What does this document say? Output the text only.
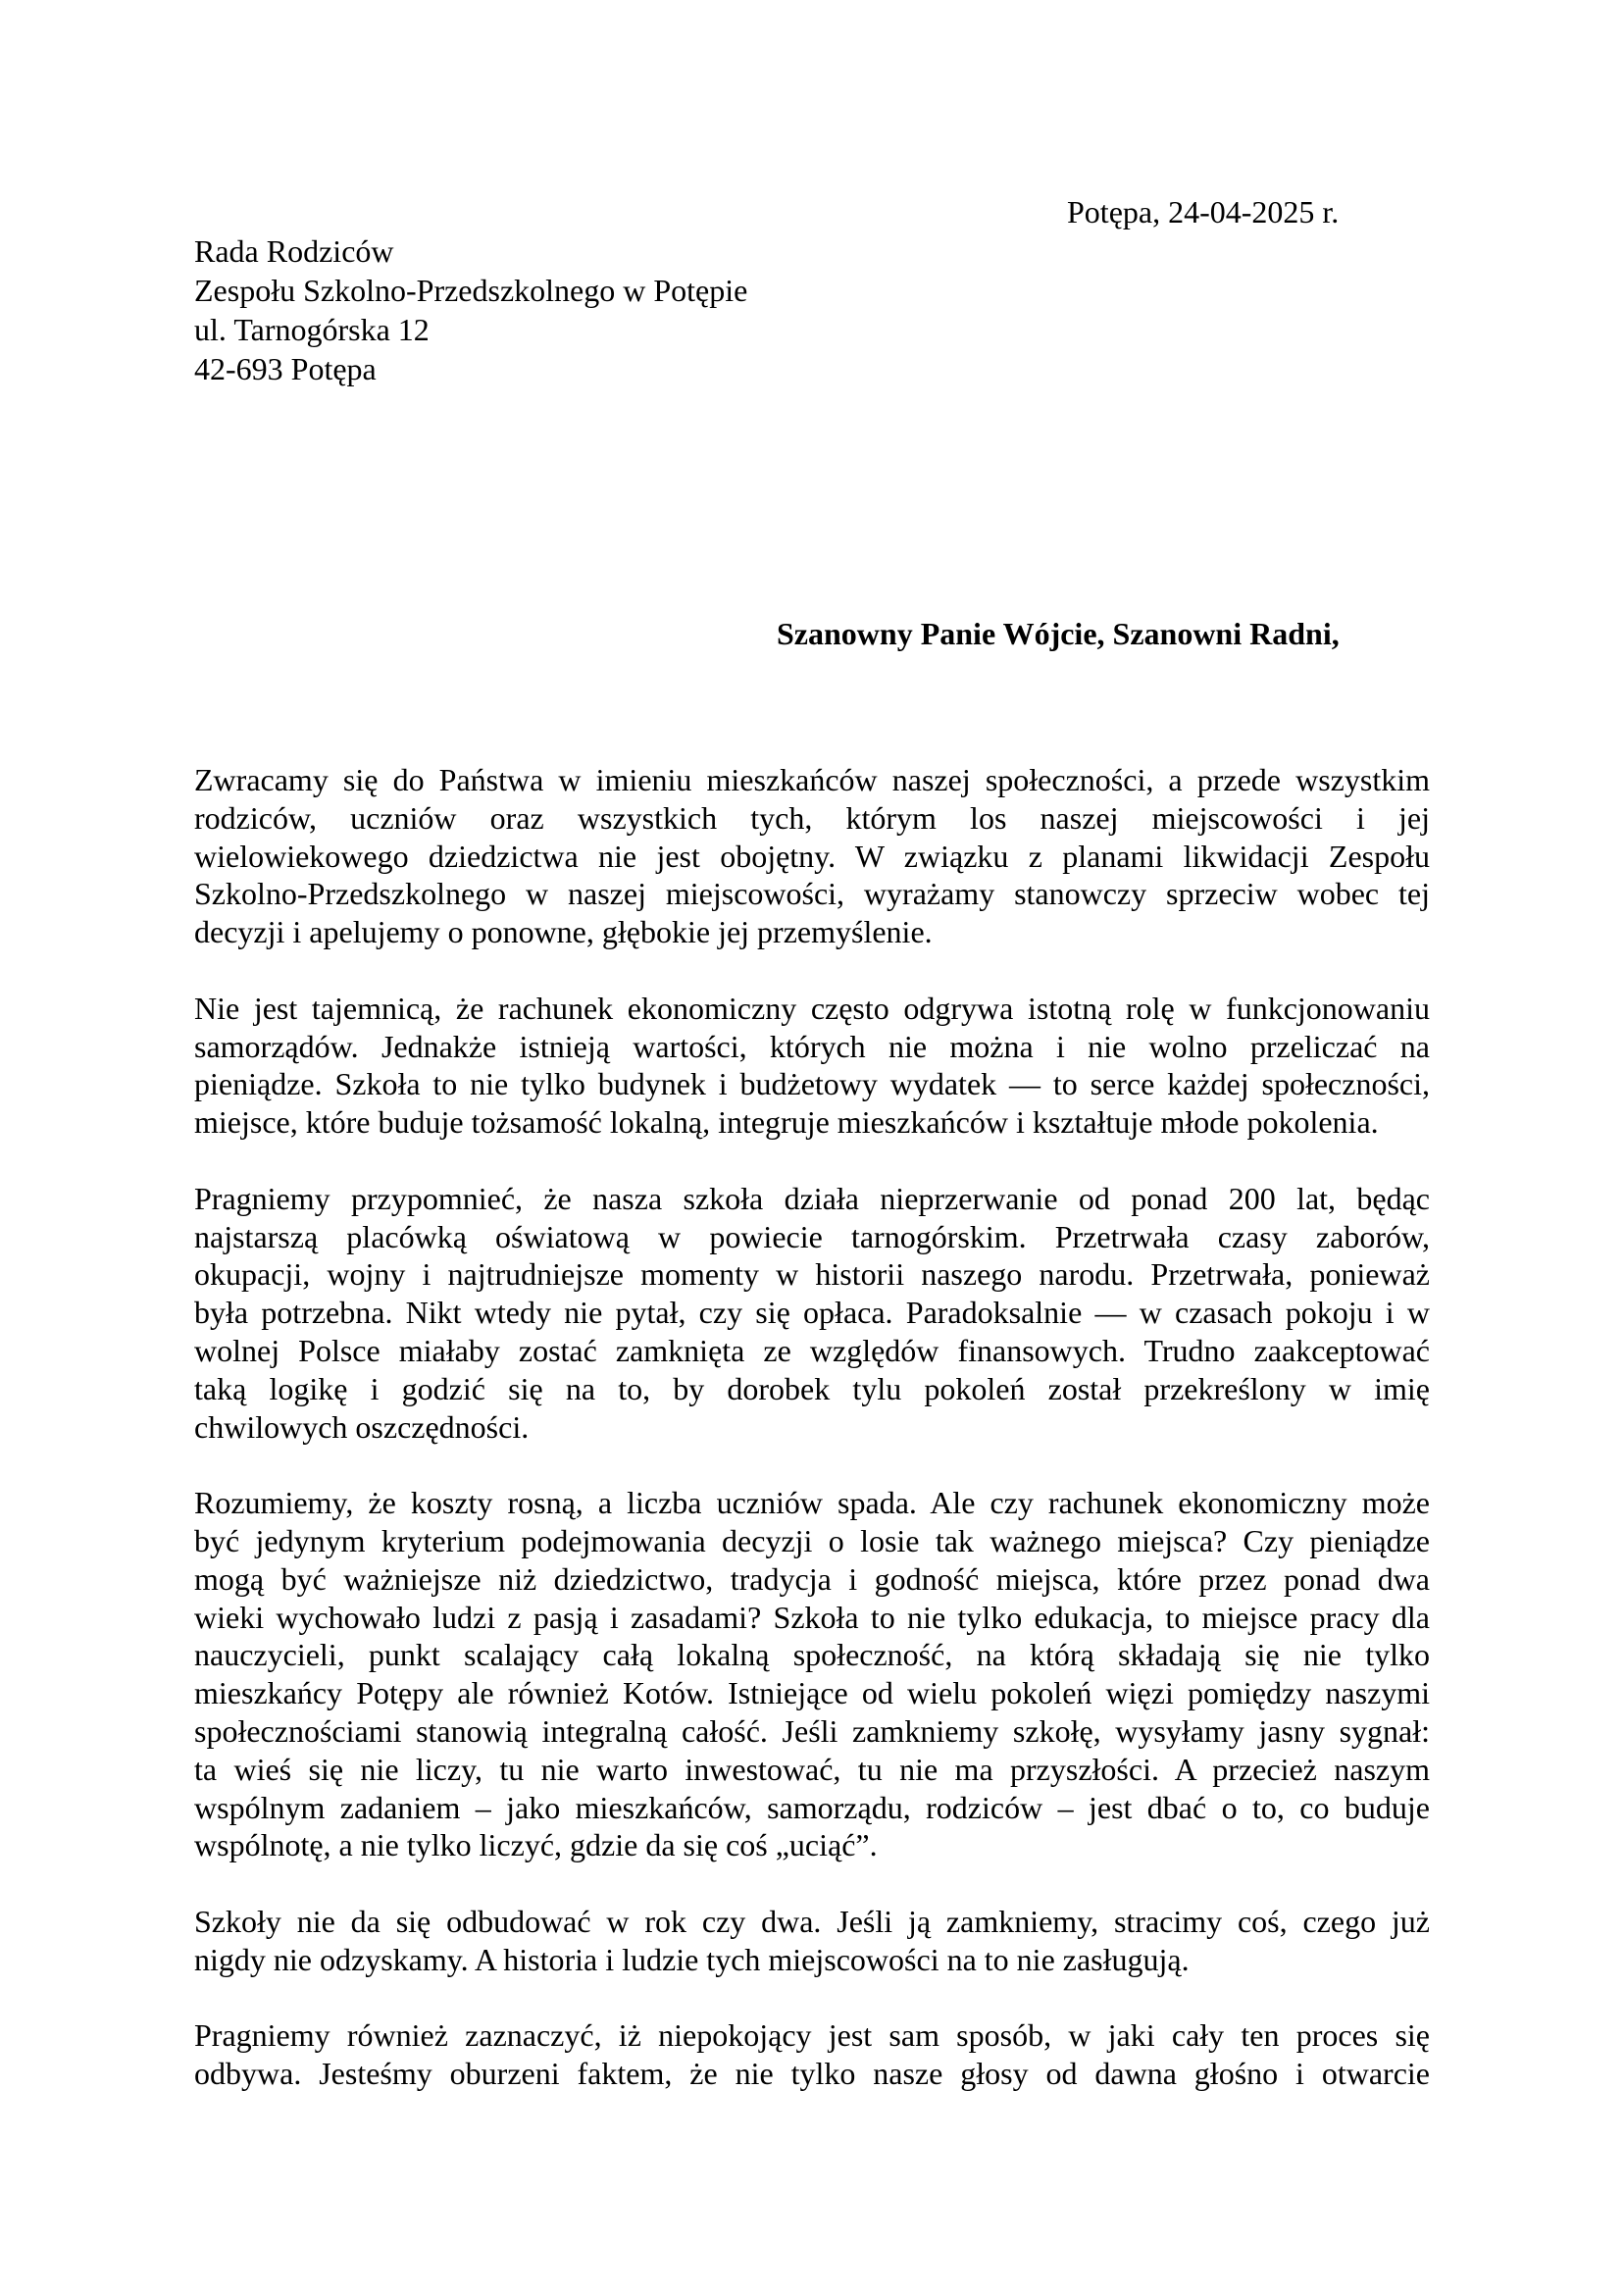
Potępa, 24-04-2025 r.
Rada Rodziców
Zespołu Szkolno-Przedszkolnego w Potępie
ul. Tarnogórska 12
42-693 Potępa
Szanowny Panie Wójcie, Szanowni Radni,
Zwracamy się do Państwa w imieniu mieszkańców naszej społeczności, a przede wszystkim
rodziców, uczniów oraz wszystkich tych, którym los naszej miejscowości i jej
wielowiekowego dziedzictwa nie jest obojętny. W związku z planami likwidacji Zespołu
Szkolno-Przedszkolnego w naszej miejscowości, wyrażamy stanowczy sprzeciw wobec tej
decyzji i apelujemy o ponowne, głębokie jej przemyślenie.
Nie jest tajemnicą, że rachunek ekonomiczny często odgrywa istotną rolę w funkcjonowaniu
samorządów. Jednakże istnieją wartości, których nie można i nie wolno przeliczać na
pieniądze. Szkoła to nie tylko budynek i budżetowy wydatek — to serce każdej społeczności,
miejsce, które buduje tożsamość lokalną, integruje mieszkańców i kształtuje młode pokolenia.
Pragniemy przypomnieć, że nasza szkoła działa nieprzerwanie od ponad 200 lat, będąc
najstarszą placówką oświatową w powiecie tarnogórskim. Przetrwała czasy zaborów,
okupacji, wojny i najtrudniejsze momenty w historii naszego narodu. Przetrwała, ponieważ
była potrzebna. Nikt wtedy nie pytał, czy się opłaca. Paradoksalnie — w czasach pokoju i w
wolnej Polsce miałaby zostać zamknięta ze względów finansowych. Trudno zaakceptować
taką logikę i godzić się na to, by dorobek tylu pokoleń został przekreślony w imię
chwilowych oszczędności.
Rozumiemy, że koszty rosną, a liczba uczniów spada. Ale czy rachunek ekonomiczny może
być jedynym kryterium podejmowania decyzji o losie tak ważnego miejsca? Czy pieniądze
mogą być ważniejsze niż dziedzictwo, tradycja i godność miejsca, które przez ponad dwa
wieki wychowało ludzi z pasją i zasadami? Szkoła to nie tylko edukacja, to miejsce pracy dla
nauczycieli, punkt scalający całą lokalną społeczność, na którą składają się nie tylko
mieszkańcy Potępy ale również Kotów. Istniejące od wielu pokoleń więzi pomiędzy naszymi
społecznościami stanowią integralną całość. Jeśli zamkniemy szkołę, wysyłamy jasny sygnał:
ta wieś się nie liczy, tu nie warto inwestować, tu nie ma przyszłości. A przecież naszym
wspólnym zadaniem – jako mieszkańców, samorządu, rodziców – jest dbać o to, co buduje
wspólnotę, a nie tylko liczyć, gdzie da się coś „uciąć”.
Szkoły nie da się odbudować w rok czy dwa. Jeśli ją zamkniemy, stracimy coś, czego już
nigdy nie odzyskamy. A historia i ludzie tych miejscowości na to nie zasługują.
Pragniemy również zaznaczyć, iż niepokojący jest sam sposób, w jaki cały ten proces się
odbywa. Jesteśmy oburzeni faktem, że nie tylko nasze głosy od dawna głośno i otwarcie
